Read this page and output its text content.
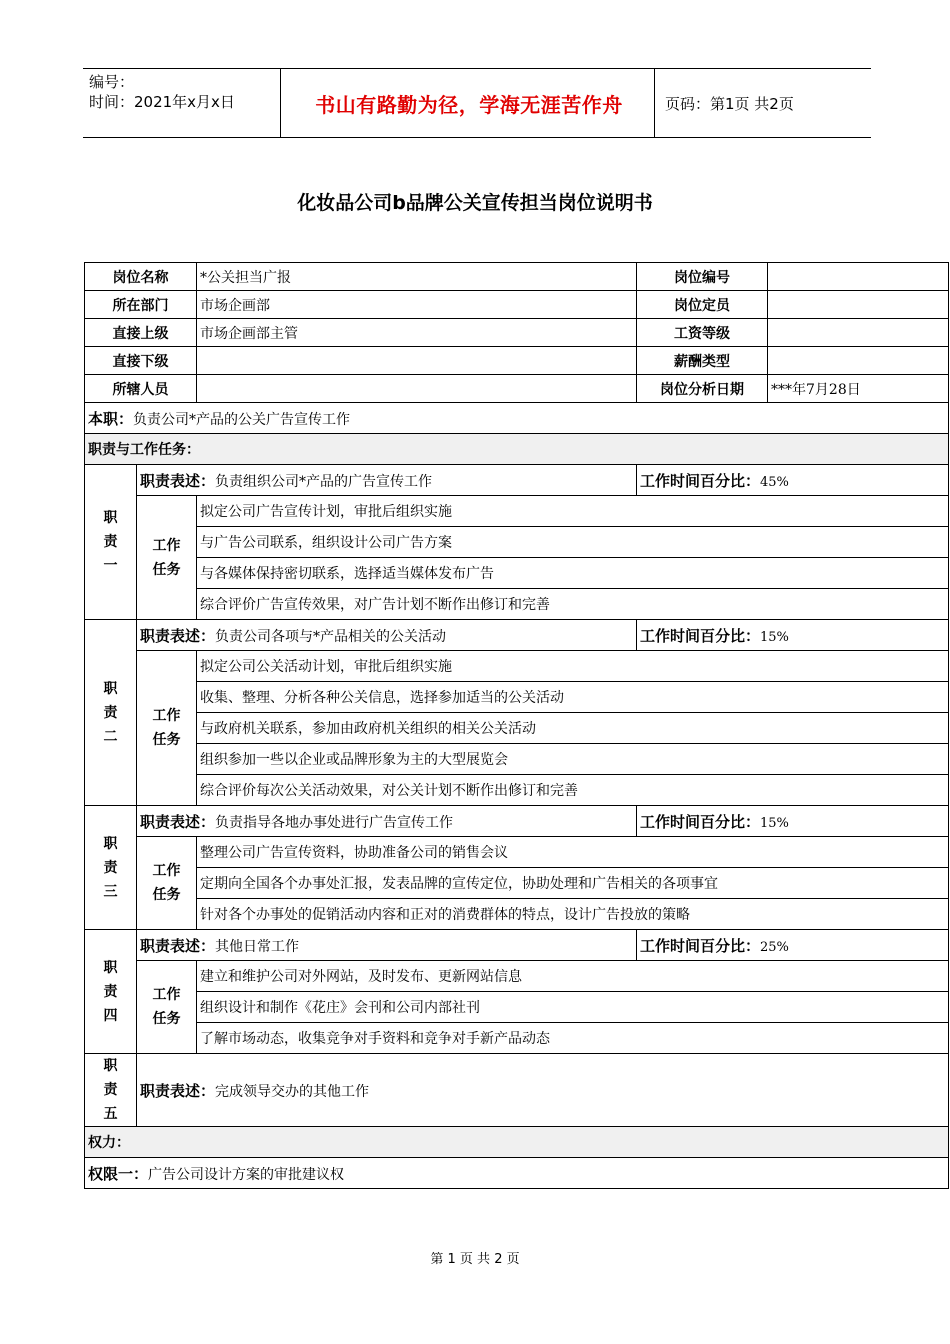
编号：
时间：2021年x月x日	书山有路勤为径，学海无涯苦作舟	页码：第1页 共2页
化妆品公司b品牌公关宣传担当岗位说明书
岗位名称		*公关担当广报	岗位编号	
所在部门		市场企画部	岗位定员	
直接上级		市场企画部主管	工资等级	
直接下级			薪酬类型	
所辖人员			岗位分析日期	***年7月28日
本职：负责公司*产品的公关广告宣传工作				
职责与工作任务：				

职
责
一	职责表述：负责组织公司*产品的广告宣传工作		工作时间百分比：45%	

	工作
任务	拟定公司广告宣传计划，审批后组织实施		
		与广告公司联系，组织设计公司广告方案		
		与各媒体保持密切联系，选择适当媒体发布广告		
		综合评价广告宣传效果，对广告计划不断作出修订和完善		

职
责
二	职责表述：负责公司各项与*产品相关的公关活动		工作时间百分比：15%	

	工作
任务	拟定公司公关活动计划，审批后组织实施		
		收集、整理、分析各种公关信息，选择参加适当的公关活动		
		与政府机关联系，参加由政府机关组织的相关公关活动		
		组织参加一些以企业或品牌形象为主的大型展览会		
		综合评价每次公关活动效果，对公关计划不断作出修订和完善		

职
责
三	职责表述：负责指导各地办事处进行广告宣传工作		工作时间百分比：15%	

	工作
任务	整理公司广告宣传资料，协助准备公司的销售会议		
		定期向全国各个办事处汇报，发表品牌的宣传定位，协助处理和广告相关的各项事宜		
		针对各个办事处的促销活动内容和正对的消费群体的特点，设计广告投放的策略		

职
责
四	职责表述：其他日常工作		工作时间百分比：25%	

	工作
任务	建立和维护公司对外网站，及时发布、更新网站信息		
		组织设计和制作《花庄》会刊和公司内部社刊		
		了解市场动态，收集竞争对手资料和竞争对手新产品动态		

职
责
五	职责表述：完成领导交办的其他工作			
权力：				
权限一：广告公司设计方案的审批建议权				
第 1 页 共 2 页
